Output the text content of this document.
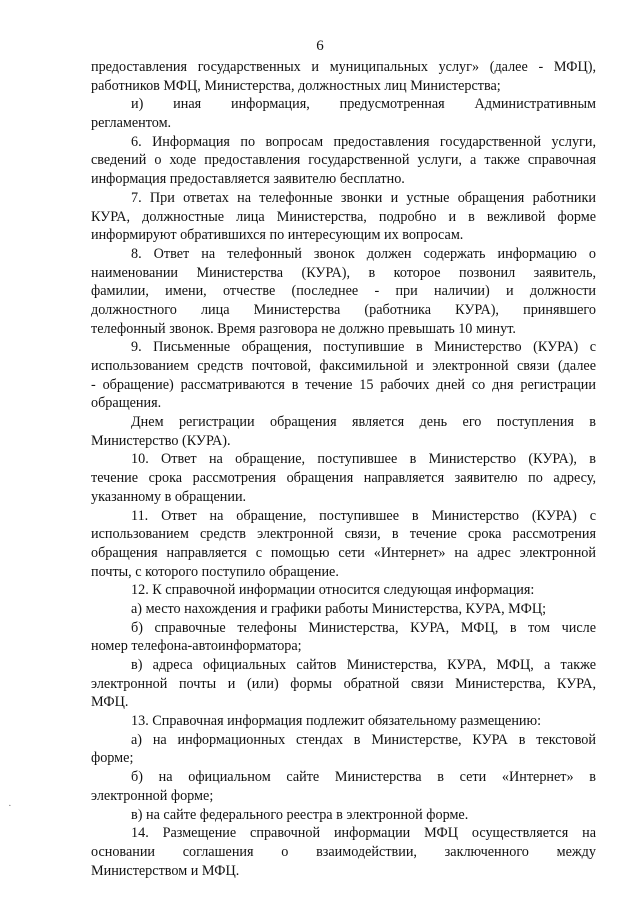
6
предоставления государственных и муниципальных услуг» (далее - МФЦ),
работников МФЦ, Министерства, должностных лиц Министерства;
и) иная информация, предусмотренная Административным
регламентом.
6. Информация по вопросам предоставления государственной услуги,
сведений о ходе предоставления государственной услуги, а также справочная
информация предоставляется заявителю бесплатно.
7. При ответах на телефонные звонки и устные обращения работники
КУРА, должностные лица Министерства, подробно и в вежливой форме
информируют обратившихся по интересующим их вопросам.
8. Ответ на телефонный звонок должен содержать информацию о
наименовании Министерства (КУРА), в которое позвонил заявитель,
фамилии, имени, отчестве (последнее - при наличии) и должности
должностного лица Министерства (работника КУРА), принявшего
телефонный звонок. Время разговора не должно превышать 10 минут.
9. Письменные обращения, поступившие в Министерство (КУРА) с
использованием средств почтовой, факсимильной и электронной связи (далее
- обращение) рассматриваются в течение 15 рабочих дней со дня регистрации
обращения.
Днем регистрации обращения является день его поступления в
Министерство (КУРА).
10. Ответ на обращение, поступившее в Министерство (КУРА), в
течение срока рассмотрения обращения направляется заявителю по адресу,
указанному в обращении.
11. Ответ на обращение, поступившее в Министерство (КУРА) с
использованием средств электронной связи, в течение срока рассмотрения
обращения направляется с помощью сети «Интернет» на адрес электронной
почты, с которого поступило обращение.
12. К справочной информации относится следующая информация:
а) место нахождения и графики работы Министерства, КУРА, МФЦ;
б) справочные телефоны Министерства, КУРА, МФЦ, в том числе
номер телефона-автоинформатора;
в) адреса официальных сайтов Министерства, КУРА, МФЦ, а также
электронной почты и (или) формы обратной связи Министерства, КУРА,
МФЦ.
13. Справочная информация подлежит обязательному размещению:
а) на информационных стендах в Министерстве, КУРА в текстовой
форме;
б) на официальном сайте Министерства в сети «Интернет» в
электронной форме;
в) на сайте федерального реестра в электронной форме.
14. Размещение справочной информации МФЦ осуществляется на
основании соглашения о взаимодействии, заключенного между
Министерством и МФЦ.
·
